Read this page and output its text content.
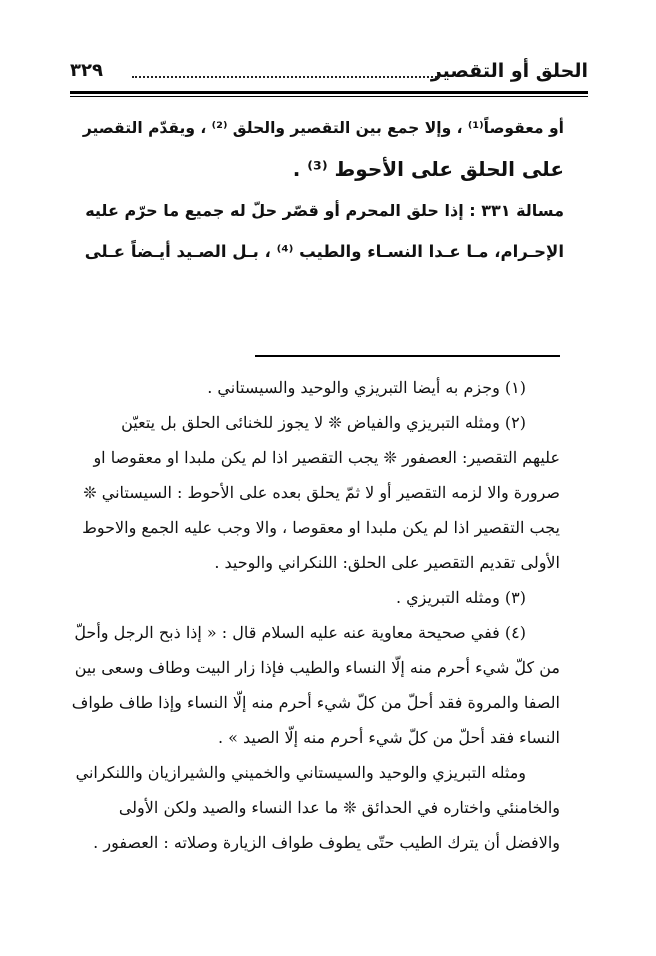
الحلق أو التقصير
٣٢٩
أو معقوصاً⁽¹⁾ ، وإلا جمع بين التقصير والحلق ⁽²⁾ ، ويقدّم التقصير
على الحلق على الأحوط ⁽³⁾ .
مسالة ٣٣١ : إذا حلق المحرم أو قصّر حلّ له جميع ما حرّم عليه
الإحـرام، مـا عـدا النسـاء والطيب ⁽⁴⁾ ، بـل الصـيد أيـضاً عـلى
(١) وجزم به أيضا التبريزي والوحيد والسيستاني .
(٢) ومثله التبريزي والفياض ❊ لا يجوز للخنائى الحلق بل يتعيّن
عليهم التقصير: العصفور ❊ يجب التقصير اذا لم يكن ملبدا او معقوصا او
صرورة والا لزمه التقصير أو لا ثمّ يحلق بعده على الأحوط : السيستاني ❊
يجب التقصير اذا لم يكن ملبدا او معقوصا ، والا وجب عليه الجمع والاحوط
الأولى تقديم التقصير على الحلق: اللنكراني والوحيد .
(٣) ومثله التبريزي .
(٤) ففي صحيحة معاوية عنه عليه السلام قال : « إذا ذبح الرجل وأحلّ
من كلّ شيء أحرم منه إلّا النساء والطيب فإذا زار البيت وطاف وسعى بين
الصفا والمروة فقد أحلّ من كلّ شيء أحرم منه إلّا النساء وإذا طاف طواف
النساء فقد أحلّ من كلّ شيء أحرم منه إلّا الصيد » .
ومثله التبريزي والوحيد والسيستاني والخميني والشيرازيان واللنكراني
والخامنئي واختاره في الحدائق ❊ ما عدا النساء والصيد ولكن الأولى
والافضل أن يترك الطيب حتّى يطوف طواف الزيارة وصلاته : العصفور .
